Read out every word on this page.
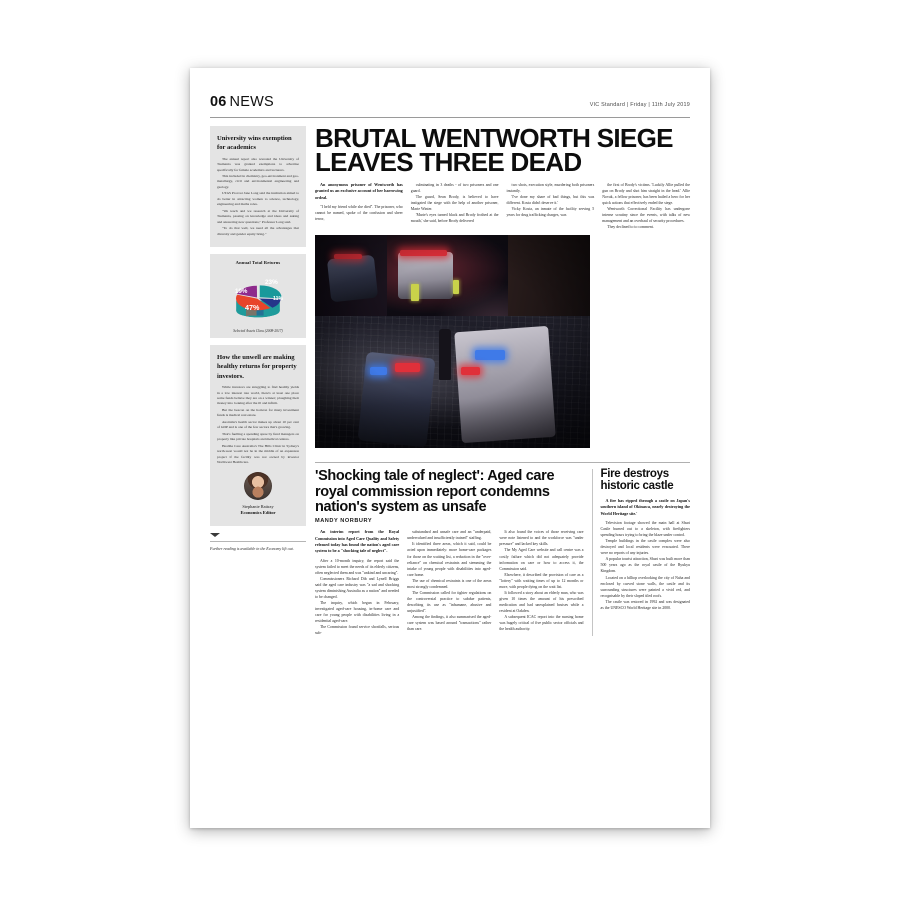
06 NEWS	VIC Standard | Friday | 11th July 2019
University wins exemption for academics

The annual report also revealed the University of Tasmania was granted exemptions to advertise specifically for female academics and lecturers.

This included in chemistry, geo-environment and geo-metallurgy, civil and environmental engineering and geology.

UTAS Provost Jane Long said the institution aimed to do better in attracting women to science, technology, engineering and maths roles.

"We teach and we research at the University of Tasmania, passing on knowledge and ideas and asking and answering new questions," Professor Long said.

"To do that well, we need all the advantages that diversity and gender equity bring."

Annual Total Returns
23%
11%
47%
19%
Selected Assets Class (2008-2017)
How the unwell are making healthy returns for property investors.

While investors are struggling to find healthy yields in a low interest rate world, there's at least one place some funds believe they are on a winner; ploughing their money into looking after the ill and infirm.

But the beacon on the horizon for many investment funds is medical real estate.

Australia's health sector makes up about 10 per cent of GDP and is one of the few sectors that's growing.

That's fuelling a spending spree by fund managers on property like private hospitals and medical centres.

Healtha Care Australia's The Hills Clinic in Sydney's north-west would not be in the middle of an expansion project if the facility was not owned by investor Northwest Healthcare.

Stephanie Rattray
Economics Editor
Further reading is available in the Economy lift out.
BRUTAL WENTWORTH SIEGE LEAVES THREE DEAD

An anonymous prisoner of Wentworth has granted us an exclusive account of her harrowing ordeal.

"I held my friend while she died". The prisoner, who cannot be named, spoke of the confusion and sheer terror,

culminating in 3 deaths - of two prisoners and one guard.

The guard, Sean Brody, is believed to have instigated the siege with the help of another prisoner, Marie Winter.

'Marie's eyes turned black and Brody frothed at the mouth,' she said, before Brody delivered

two shots, execution style, murdering both prisoners instantly.

'I've done my share of bad things, but this was different. Kosta didn't deserve it.'

Vicky Kosta, an inmate of the facility serving 5 years for drug trafficking charges, was

the first of Brody's victims. 'Luckily Allie pulled the gun on Brody and shot him straight in the head.' Allie Novak, a fellow prisoner, has been hailed a hero for her quick actions that effectively ended the siege.

Wentworth Correctional Facility has undergone intense scrutiny since the events, with talks of new management and an overhaul of security procedures.

They declined to to comment.

'Shocking tale of neglect': Aged care royal commission report condemns nation's system as unsafe
MANDY NORBURY

An interim report from the Royal Commission into Aged Care Quality and Safety released today has found the nation's aged care system to be a "shocking tale of neglect".

After a 10-month inquiry, the report said the system failed to meet the needs of its elderly citizens, often neglected them and was "unkind and uncaring".

Commissioners Richard Dib and Lynell Briggs said the aged care industry was "a sad and shocking system diminishing Australia as a nation" and needed to be changed.

The inquiry, which began in February, investigated aged-care housing, in-home care and care for young people with disabilities living in a residential aged-care.

The Commission found service shortfalls, serious sub-

substandard and unsafe care and an "underpaid, undervalued and insufficiently trained" staffing.

It identified three areas, which it said, could be acted upon immediately: more home-care packages for those on the waiting list, a reduction in the "over-reliance" on chemical restraints and stemming the intake of young people with disabilities into aged-care home.

The use of chemical restraints is one of the areas most strongly condemned.

The Commission called for tighter regulations on the controversial practice to subdue patients, describing its use as "inhumane, abusive and unjustified".

Among the findings, it also summarised the aged-care system was based around "transactions" rather than care.

It also found the voices of those receiving care were note listened to and the workforce was "under pressure" and lacked key skills.

The My Aged Care website and call centre was a costly failure which did not adequately provide information on care or how to access it, the Commission said.

Elsewhere, it described the provision of care as a "lottery" with waiting times of up to 12 months or more, with people dying on the wait list.

It followed a story about an elderly man, who was given 10 times the amount of his prescribed medication and had unexplained bruises while a resident at Oakden.

A subsequent ICAC report into the nursing home was hugely critical of five public sector officials and the health authority.

Fire destroys historic castle

A fire has ripped through a castle on Japan's southern island of Okinawa, nearly destroying the World Heritage site.'

Television footage showed the main hall at Shuri Castle burned out to a skeleton, with firefighters spending hours trying to bring the blaze under control.

Temple buildings in the castle complex were also destroyed and local residents were evacuated. There were no reports of any injuries.

A popular tourist attraction, Shuri was built more than 500 years ago as the royal castle of the Ryukyu Kingdom.

Located on a hilltop overlooking the city of Naha and enclosed by curved stone walls, the castle and its surrounding structures were painted a vivid red, and recognisable by their sloped tiled roofs.

The castle was restored in 1992 and was designated as the UNESCO World Heritage site in 2000.
